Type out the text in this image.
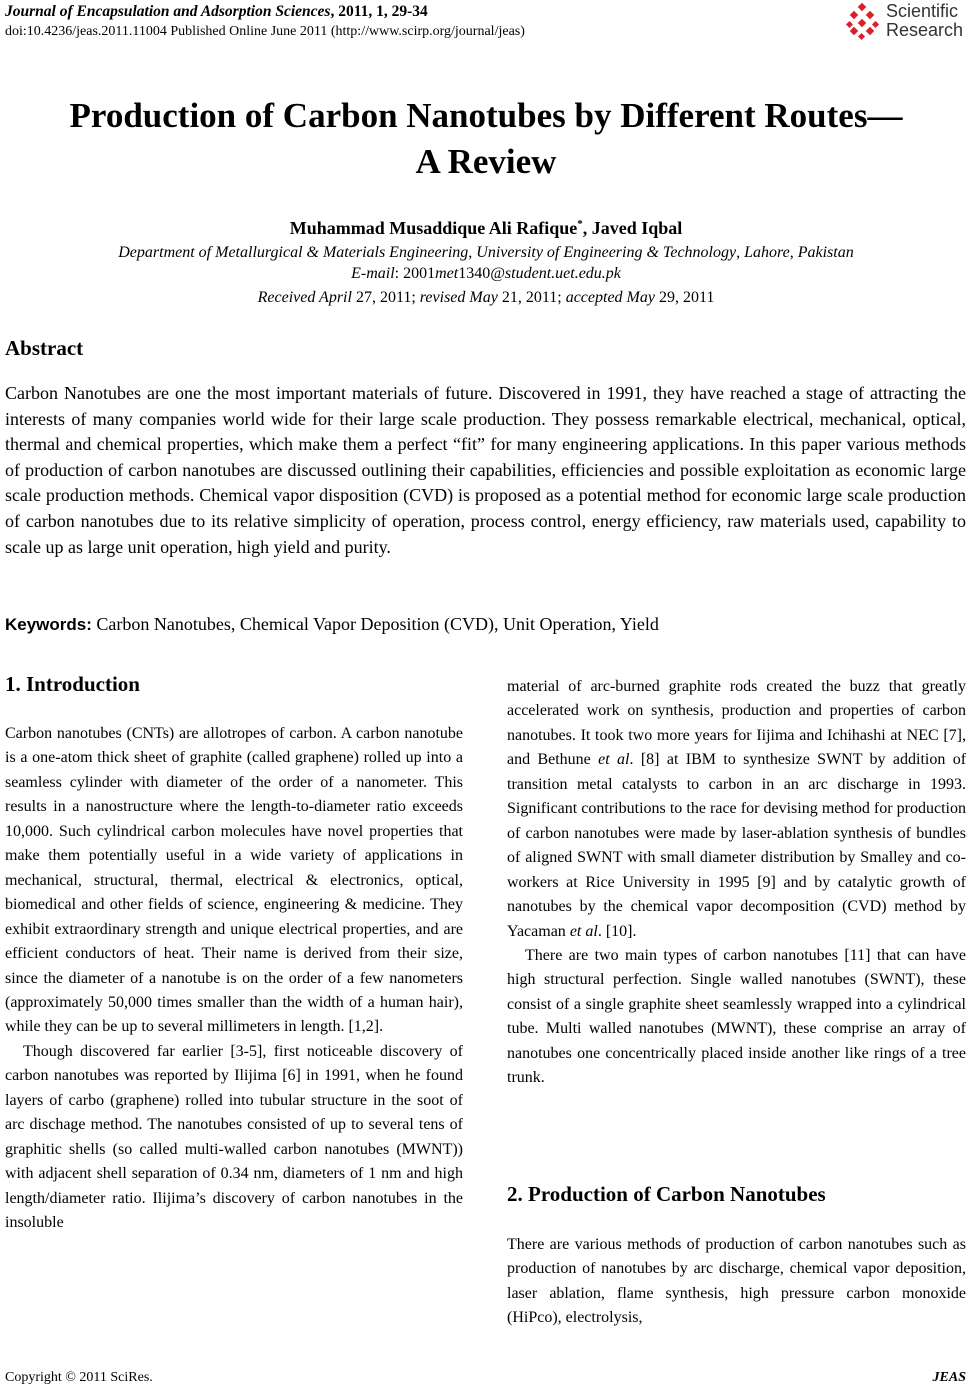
Journal of Encapsulation and Adsorption Sciences, 2011, 1, 29-34
doi:10.4236/jeas.2011.11004 Published Online June 2011 (http://www.scirp.org/journal/jeas)
Scientific
Research
Production of Carbon Nanotubes by Different Routes—
A Review
Muhammad Musaddique Ali Rafique*, Javed Iqbal
Department of Metallurgical & Materials Engineering, University of Engineering & Technology, Lahore, Pakistan
E-mail: 2001met1340@student.uet.edu.pk
Received April 27, 2011; revised May 21, 2011; accepted May 29, 2011
Abstract
Carbon Nanotubes are one the most important materials of future. Discovered in 1991, they have reached a stage of attracting the interests of many companies world wide for their large scale production. They possess remarkable electrical, mechanical, optical, thermal and chemical properties, which make them a perfect “fit” for many engineering applications. In this paper various methods of production of carbon nanotubes are discussed outlining their capabilities, efficiencies and possible exploitation as economic large scale production methods. Chemical vapor disposition (CVD) is proposed as a potential method for economic large scale production of carbon nanotubes due to its relative simplicity of operation, process control, energy efficiency, raw materials used, capability to scale up as large unit operation, high yield and purity.
Keywords: Carbon Nanotubes, Chemical Vapor Deposition (CVD), Unit Operation, Yield
1. Introduction

Carbon nanotubes (CNTs) are allotropes of carbon. A carbon nanotube is a one-atom thick sheet of graphite (called graphene) rolled up into a seamless cylinder with diameter of the order of a nanometer. This results in a nanostructure where the length-to-diameter ratio exceeds 10,000. Such cylindrical carbon molecules have novel properties that make them potentially useful in a wide variety of applications in mechanical, structural, thermal, electrical & electronics, optical, biomedical and other fields of science, engineering & medicine. They exhibit extraordinary strength and unique electrical properties, and are efficient conductors of heat. Their name is derived from their size, since the diameter of a nanotube is on the order of a few nanometers (approximately 50,000 times smaller than the width of a human hair), while they can be up to several millimeters in length. [1,2].

Though discovered far earlier [3-5], first noticeable discovery of carbon nanotubes was reported by Ilijima [6] in 1991, when he found layers of carbo (graphene) rolled into tubular structure in the soot of arc dischage method. The nanotubes consisted of up to several tens of graphitic shells (so called multi-walled carbon nanotubes (MWNT)) with adjacent shell separation of 0.34 nm, diameters of 1 nm and high length/diameter ratio. Ilijima’s discovery of carbon nanotubes in the insoluble

material of arc-burned graphite rods created the buzz that greatly accelerated work on synthesis, production and properties of carbon nanotubes. It took two more years for Iijima and Ichihashi at NEC [7], and Bethune et al. [8] at IBM to synthesize SWNT by addition of transition metal catalysts to carbon in an arc discharge in 1993. Significant contributions to the race for devising method for production of carbon nanotubes were made by laser-ablation synthesis of bundles of aligned SWNT with small diameter distribution by Smalley and co- workers at Rice University in 1995 [9] and by catalytic growth of nanotubes by the chemical vapor decomposition (CVD) method by Yacaman et al. [10].

There are two main types of carbon nanotubes [11] that can have high structural perfection. Single walled nanotubes (SWNT), these consist of a single graphite sheet seamlessly wrapped into a cylindrical tube. Multi walled nanotubes (MWNT), these comprise an array of nanotubes one concentrically placed inside another like rings of a tree trunk.

2. Production of Carbon Nanotubes

There are various methods of production of carbon nanotubes such as production of nanotubes by arc discharge, chemical vapor deposition, laser ablation, flame synthesis, high pressure carbon monoxide (HiPco), electrolysis,

Copyright © 2011 SciRes.	JEAS
